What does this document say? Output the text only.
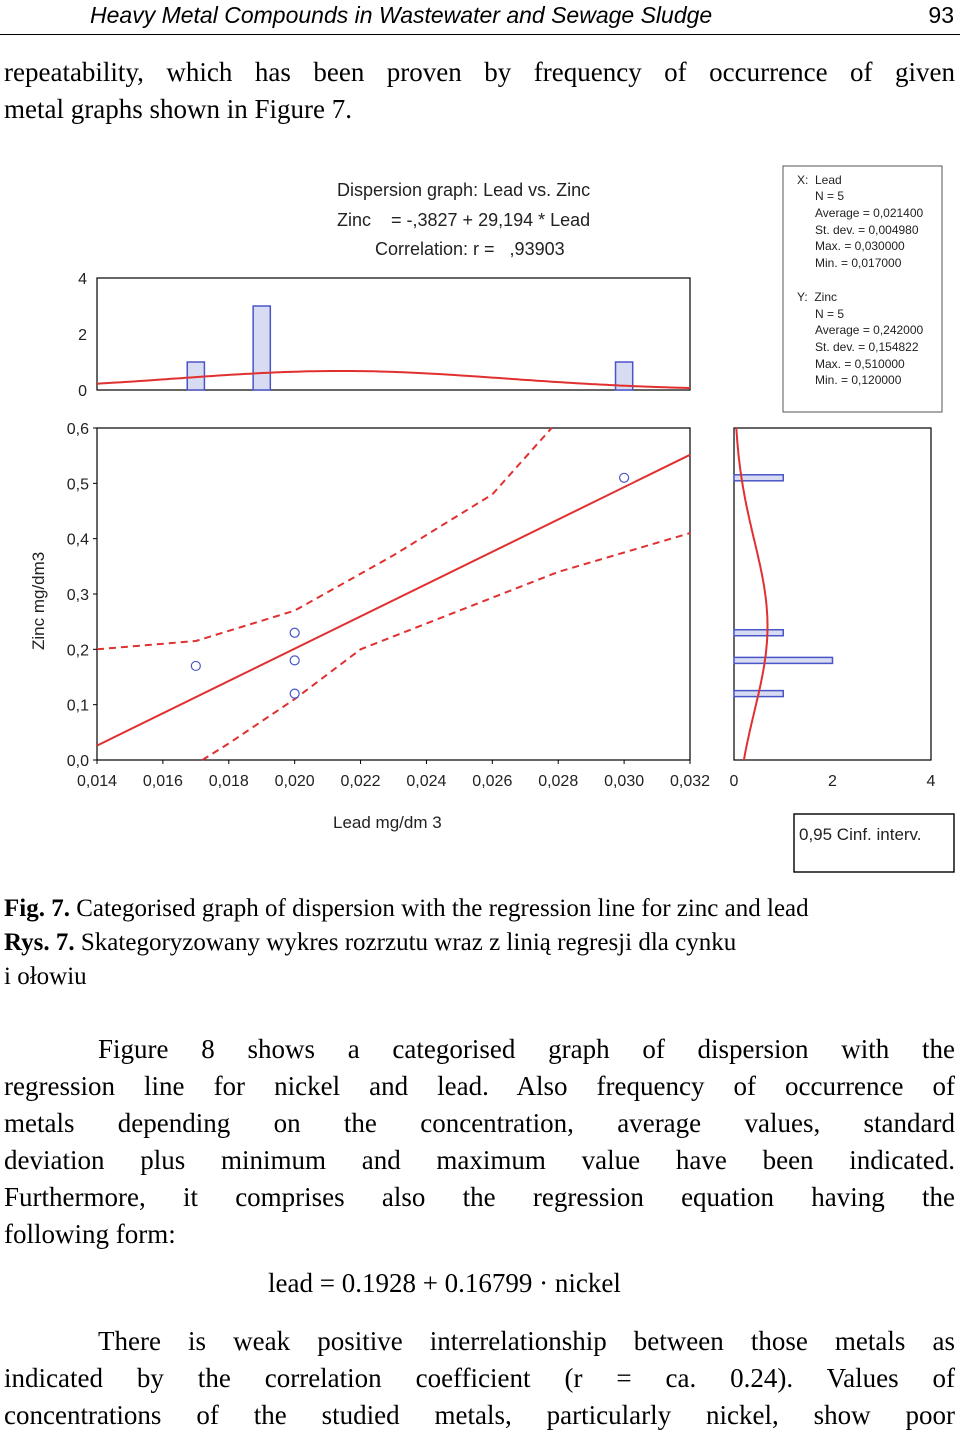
Heavy Metal Compounds in Wastewater and Sewage Sludge	93
repeatability, which has been proven by frequency of occurrence of given
metal graphs shown in Figure 7.
Dispersion graph: Lead vs. Zinc
Zinc    = -,3827 + 29,194 * Lead
Correlation: r =   ,93903
X:  Lead
N = 5
Average = 0,021400
St. dev. = 0,004980
Max. = 0,030000
Min. = 0,017000
Y:  Zinc
N = 5
Average = 0,242000
St. dev. = 0,154822
Max. = 0,510000
Min. = 0,120000
0
2
4
0,014 0,016 0,018 0,020 0,022 0,024 0,026 0,028 0,030 0,032
0,0
0,1
0,2
0,3
0,4
0,5
0,6
0	2	4
Lead mg/dm 3
Zinc mg/dm3
0,95 Cinf. interv.
Fig. 7. Categorised graph of dispersion with the regression line for zinc and lead
Rys. 7. Skategoryzowany wykres rozrzutu wraz z linią regresji dla cynku
i ołowiu
Figure 8 shows a categorised graph of dispersion with the
regression line for nickel and lead. Also frequency of occurrence of
metals depending on the concentration, average values, standard
deviation plus minimum and maximum value have been indicated.
Furthermore, it comprises also the regression equation having the
following form:
lead = 0.1928 + 0.16799 · nickel
There is weak positive interrelationship between those metals as
indicated by the correlation coefficient (r = ca. 0.24). Values of
concentrations of the studied metals, particularly nickel, show poor
